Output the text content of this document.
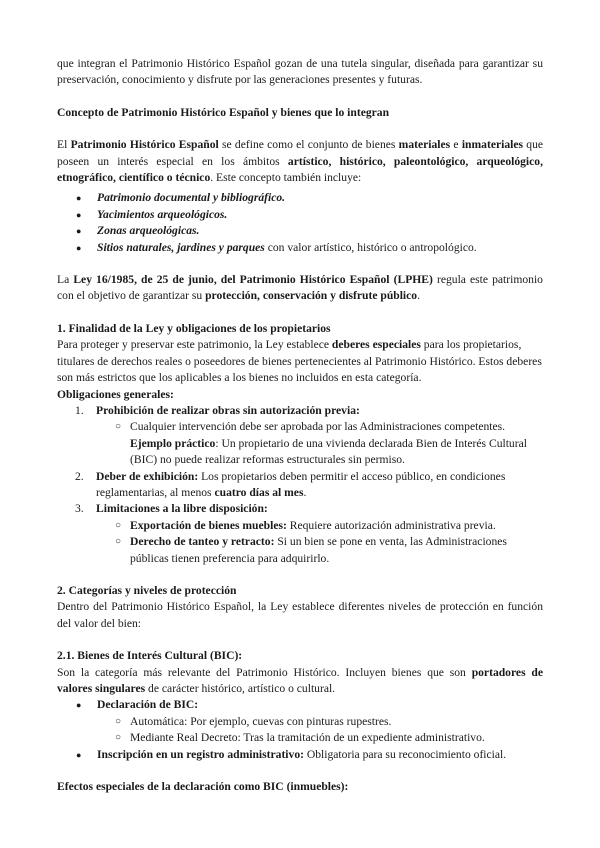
que integran el Patrimonio Histórico Español gozan de una tutela singular, diseñada para garantizar su preservación, conocimiento y disfrute por las generaciones presentes y futuras.

Concepto de Patrimonio Histórico Español y bienes que lo integran

El Patrimonio Histórico Español se define como el conjunto de bienes materiales e inmateriales que poseen un interés especial en los ámbitos artístico, histórico, paleontológico, arqueológico, etnográfico, científico o técnico. Este concepto también incluye:

● Patrimonio documental y bibliográfico.
● Yacimientos arqueológicos.
● Zonas arqueológicas.
● Sitios naturales, jardines y parques con valor artístico, histórico o antropológico.

La Ley 16/1985, de 25 de junio, del Patrimonio Histórico Español (LPHE) regula este patrimonio con el objetivo de garantizar su protección, conservación y disfrute público.

1. Finalidad de la Ley y obligaciones de los propietarios

Para proteger y preservar este patrimonio, la Ley establece deberes especiales para los propietarios, titulares de derechos reales o poseedores de bienes pertenecientes al Patrimonio Histórico. Estos deberes son más estrictos que los aplicables a los bienes no incluidos en esta categoría.

Obligaciones generales:

1. Prohibición de realizar obras sin autorización previa:
○ Cualquier intervención debe ser aprobada por las Administraciones competentes.
Ejemplo práctico: Un propietario de una vivienda declarada Bien de Interés Cultural (BIC) no puede realizar reformas estructurales sin permiso.
2. Deber de exhibición: Los propietarios deben permitir el acceso público, en condiciones reglamentarias, al menos cuatro días al mes.
3. Limitaciones a la libre disposición:
○ Exportación de bienes muebles: Requiere autorización administrativa previa.
○ Derecho de tanteo y retracto: Si un bien se pone en venta, las Administraciones públicas tienen preferencia para adquirirlo.

2. Categorías y niveles de protección

Dentro del Patrimonio Histórico Español, la Ley establece diferentes niveles de protección en función del valor del bien:

2.1. Bienes de Interés Cultural (BIC):

Son la categoría más relevante del Patrimonio Histórico. Incluyen bienes que son portadores de valores singulares de carácter histórico, artístico o cultural.

● Declaración de BIC:
○ Automática: Por ejemplo, cuevas con pinturas rupestres.
○ Mediante Real Decreto: Tras la tramitación de un expediente administrativo.
● Inscripción en un registro administrativo: Obligatoria para su reconocimiento oficial.

Efectos especiales de la declaración como BIC (inmuebles):
